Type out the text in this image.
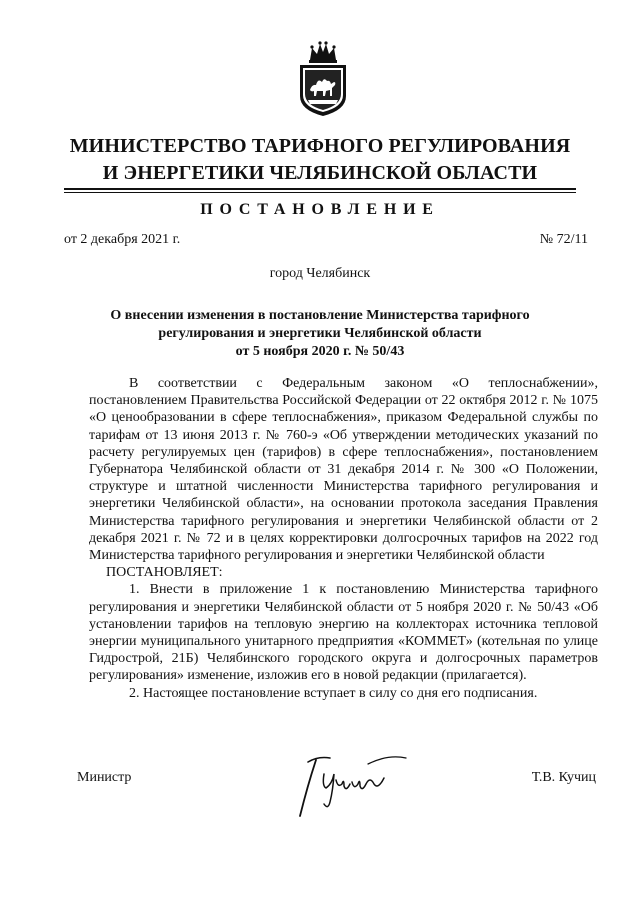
МИНИСТЕРСТВО ТАРИФНОГО РЕГУЛИРОВАНИЯ
И ЭНЕРГЕТИКИ ЧЕЛЯБИНСКОЙ ОБЛАСТИ
ПОСТАНОВЛЕНИЕ
от 2 декабря 2021 г.	№ 72/11
город Челябинск
О внесении изменения в постановление Министерства тарифного
регулирования и энергетики Челябинской области
от 5 ноября 2020 г. № 50/43

В соответствии с Федеральным законом «О теплоснабжении», постановлением Правительства Российской Федерации от 22 октября 2012 г. № 1075 «О ценообразовании в сфере теплоснабжения», приказом Федеральной службы по тарифам от 13 июня 2013 г. № 760-э «Об утверждении методических указаний по расчету регулируемых цен (тарифов) в сфере теплоснабжения», постановлением Губернатора Челябинской области от 31 декабря 2014 г. № 300 «О Положении, структуре и штатной численности Министерства тарифного регулирования и энергетики Челябинской области», на основании протокола заседания Правления Министерства тарифного регулирования и энергетики Челябинской области от 2 декабря 2021 г. № 72 и в целях корректировки долгосрочных тарифов на 2022 год Министерства тарифного регулирования и энергетики Челябинской области

ПОСТАНОВЛЯЕТ:

1. Внести в приложение 1 к постановлению Министерства тарифного регулирования и энергетики Челябинской области от 5 ноября 2020 г. № 50/43 «Об установлении тарифов на тепловую энергию на коллекторах источника тепловой энергии муниципального унитарного предприятия «КОММЕТ» (котельная по улице Гидрострой, 21Б) Челябинского городского округа и долгосрочных параметров регулирования» изменение, изложив его в новой редакции (прилагается).

2. Настоящее постановление вступает в силу со дня его подписания.

Министр	Т.В. Кучиц
